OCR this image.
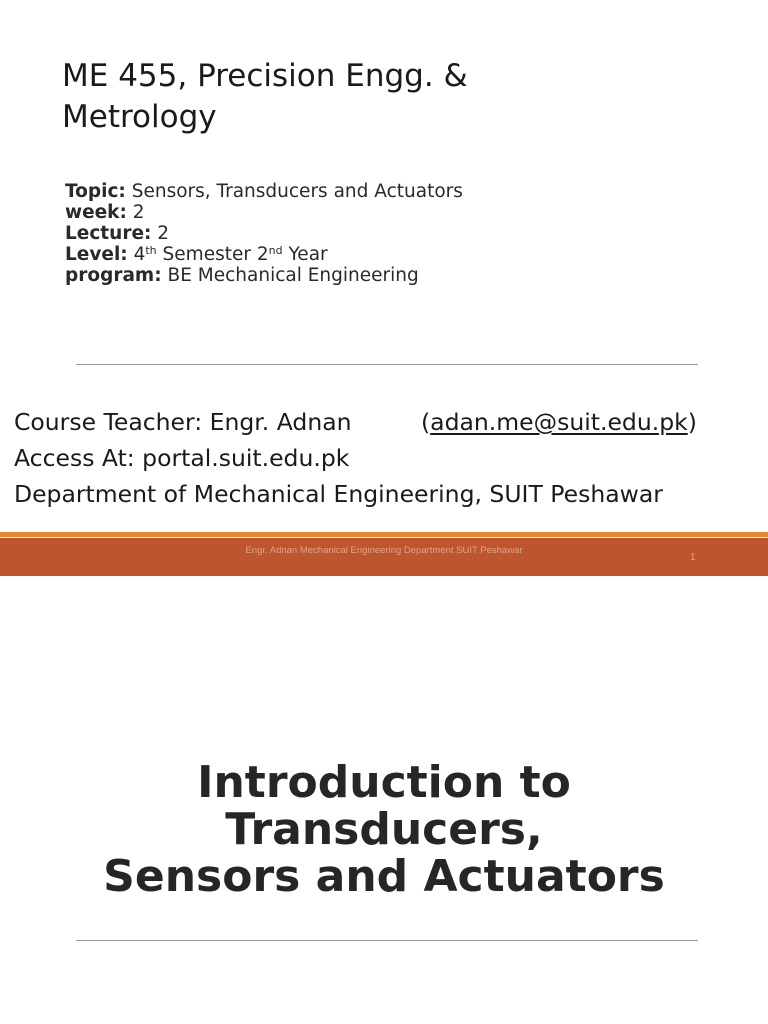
ME 455, Precision Engg. & Metrology
Topic: Sensors, Transducers and Actuators
week: 2
Lecture: 2
Level: 4th Semester 2nd Year
program: BE Mechanical Engineering
Course Teacher: Engr. Adnan	(adan.me@suit.edu.pk)
Access At: portal.suit.edu.pk
Department of Mechanical Engineering, SUIT Peshawar
Engr. Adnan Mechanical Engineering Department SUIT Peshawar
1
Introduction to
Transducers,
Sensors and Actuators
